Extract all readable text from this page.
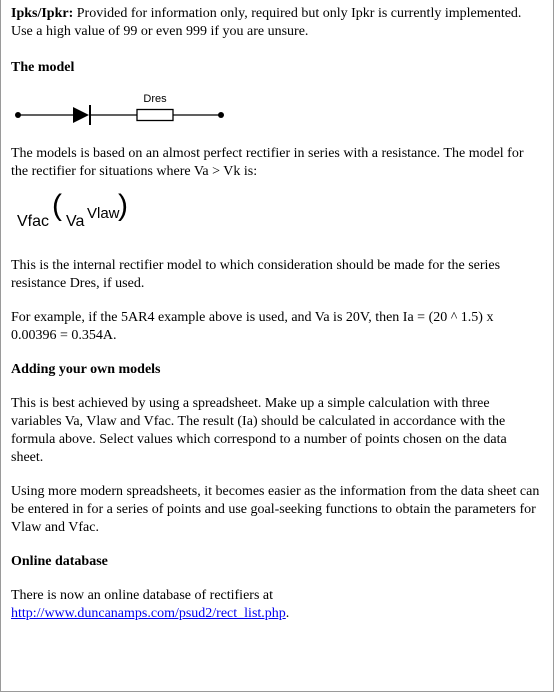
Ipks/Ipkr: Provided for information only, required but only Ipkr is currently implemented. Use a high value of 99 or even 999 if you are unsure.

The model
Dres

The models is based on an almost perfect rectifier in series with a resistance. The model for the rectifier for situations where Va > Vk is:

Vfac ( Va Vlaw
)

This is the internal rectifier model to which consideration should be made for the series resistance Dres, if used.

For example, if the 5AR4 example above is used, and Va is 20V, then Ia = (20 ^ 1.5) x 0.00396 = 0.354A.

Adding your own models

This is best achieved by using a spreadsheet. Make up a simple calculation with three variables Va, Vlaw and Vfac. The result (Ia) should be calculated in accordance with the formula above. Select values which correspond to a number of points chosen on the data sheet.

Using more modern spreadsheets, it becomes easier as the information from the data sheet can be entered in for a series of points and use goal-seeking functions to obtain the parameters for Vlaw and Vfac.

Online database

There is now an online database of rectifiers at
http://www.duncanamps.com/psud2/rect_list.php.
